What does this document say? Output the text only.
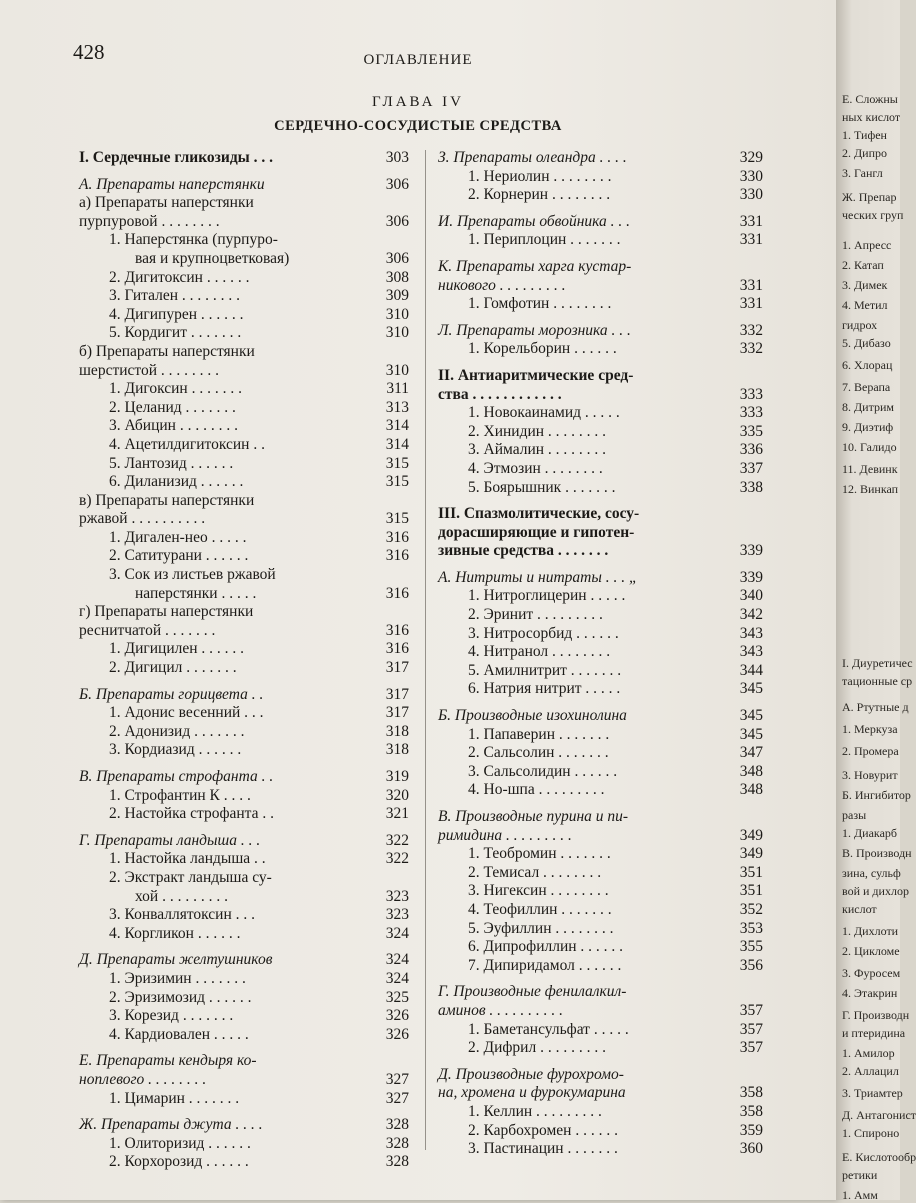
428	ОГЛАВЛЕНИЕ
ГЛАВА IV
СЕРДЕЧНО-СОСУДИСТЫЕ СРЕДСТВА
I. Сердечные гликозиды . . .	303
А. Препараты наперстянки	306
а) Препараты наперстянки
пурпуровой . . . . . . . .	306
1. Наперстянка (пурпуро-
вая и крупноцветковая)	306
2. Дигитоксин . . . . . .	308
3. Гитален . . . . . . . .	309
4. Дигипурен . . . . . .	310
5. Кордигит . . . . . . .	310
б) Препараты наперстянки
шерстистой . . . . . . . .	310
1. Дигоксин . . . . . . .	311
2. Целанид . . . . . . .	313
3. Абицин . . . . . . . .	314
4. Ацетилдигитоксин . .	314
5. Лантозид . . . . . .	315
6. Диланизид . . . . . .	315
в) Препараты наперстянки
ржавой . . . . . . . . . .	315
1. Дигален-нео . . . . .	316
2. Сатитурани . . . . . .	316
3. Сок из листьев ржавой
наперстянки . . . . .	316
г) Препараты наперстянки
реснитчатой . . . . . . .	316
1. Дигицилен . . . . . .	316
2. Дигицил . . . . . . .	317
Б. Препараты горицвета . .	317
1. Адонис весенний . . .	317
2. Адонизид . . . . . . .	318
3. Кордиазид . . . . . .	318
В. Препараты строфанта . .	319
1. Строфантин К . . . .	320
2. Настойка строфанта . .	321
Г. Препараты ландыша . . .	322
1. Настойка ландыша . .	322
2. Экстракт ландыша су-
хой . . . . . . . . .	323
3. Конваллятоксин . . .	323
4. Коргликон . . . . . .	324
Д. Препараты желтушников	324
1. Эризимин . . . . . . .	324
2. Эризимозид . . . . . .	325
3. Корезид . . . . . . .	326
4. Кардиовален . . . . .	326
Е. Препараты кендыря ко-
ноплевого . . . . . . . .	327
1. Цимарин . . . . . . .	327
Ж. Препараты джута . . . .	328
1. Олиторизид . . . . . .	328
2. Корхорозид . . . . . .	328
З. Препараты олеандра . . . .	329
1. Нериолин . . . . . . . .	330
2. Корнерин . . . . . . . .	330
И. Препараты обвойника . . .	331
1. Периплоцин . . . . . . .	331
К. Препараты харга кустар-
никового . . . . . . . . .	331
1. Гомфотин . . . . . . . .	331
Л. Препараты морозника . . .	332
1. Корельборин . . . . . .	332
II. Антиаритмические сред-
ства . . . . . . . . . . . .	333
1. Новокаинамид . . . . .	333
2. Хинидин . . . . . . . .	335
3. Аймалин . . . . . . . .	336
4. Этмозин . . . . . . . .	337
5. Боярышник . . . . . . .	338
III. Спазмолитические, сосу-
дорасширяющие и гипотен-
зивные средства . . . . . . .	339
А. Нитриты и нитраты . . . „	339
1. Нитроглицерин . . . . .	340
2. Эринит . . . . . . . . .	342
3. Нитросорбид . . . . . .	343
4. Нитранол . . . . . . . .	343
5. Амилнитрит . . . . . . .	344
6. Натрия нитрит . . . . .	345
Б. Производные изохинолина	345
1. Папаверин . . . . . . .	345
2. Сальсолин . . . . . . .	347
3. Сальсолидин . . . . . .	348
4. Но-шпа . . . . . . . . .	348
В. Производные пурина и пи-
римидина . . . . . . . . .	349
1. Теобромин . . . . . . .	349
2. Темисал . . . . . . . .	351
3. Нигексин . . . . . . . .	351
4. Теофиллин . . . . . . .	352
5. Эуфиллин . . . . . . . .	353
6. Дипрофиллин . . . . . .	355
7. Дипиридамол . . . . . .	356
Г. Производные фенилалкил-
аминов . . . . . . . . . .	357
1. Баметансульфат . . . . .	357
2. Дифрил . . . . . . . . .	357
Д. Производные фурохромо-
на, хромена и фурокумарина	358
1. Келлин . . . . . . . . .	358
2. Карбохромен . . . . . .	359
3. Пастинацин . . . . . . .	360
Е. Сложны
ных кислот
1. Тифен
2. Дипро
3. Гангл
Ж. Препар
ческих груп
1. Апресс
2. Катап
3. Димек
4. Метил
гидрох
5. Дибазо
6. Хлорац
7. Верапа
8. Дитрим
9. Диэтиф
10. Галидо
11. Девинк
12. Винкап
I. Диуретичес
тационные ср
А. Ртутные д
1. Меркуза
2. Промера
3. Новурит
Б. Ингибитор
разы
1. Диакарб
В. Производн
зина, сульф
вой и дихлор
кислот
1. Дихлоти
2. Цикломе
3. Фуросем
4. Этакрин
Г. Производн
и птеридина
1. Амилор
2. Аллацил
3. Триамтер
Д. Антагонист
1. Спироно
Е. Кислотообр
ретики
1. Амм
